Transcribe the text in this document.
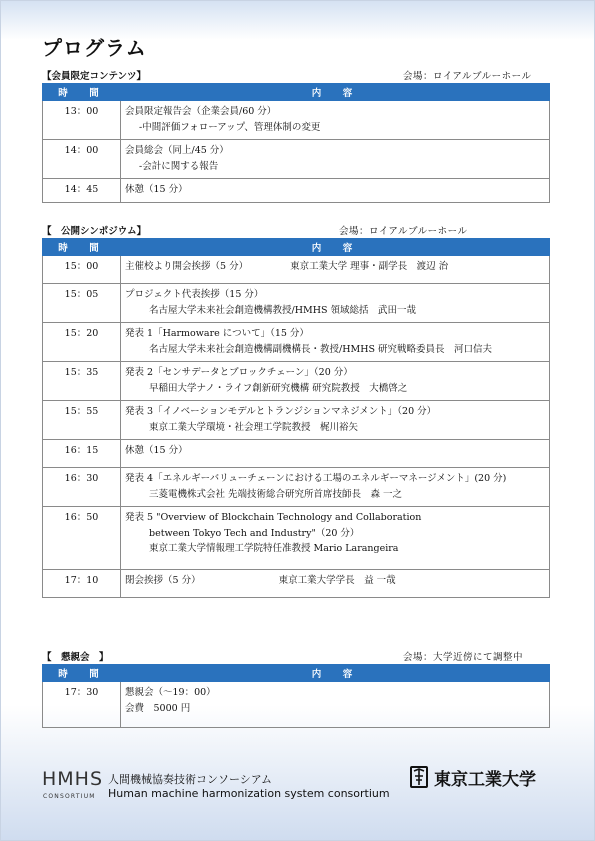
プログラム
【会員限定コンテンツ】	会場：ロイアルブルーホール
時　間	内　容
13：00	会員限定報告会（企業会員/60 分）
-中間評価フォローアップ、管理体制の変更

14：00	会員総会（同上/45 分）
-会計に関する報告

14：45	休憩（15 分）
【　公開シンポジウム】	会場：ロイアルブルーホール
時　間	内　容
15：00	主催校より開会挨拶（5 分） 東京工業大学 理事・副学長　渡辺 治

15：05	プロジェクト代表挨拶（15 分）
名古屋大学未来社会創造機構教授/HMHS 領域総括　武田一哉

15：20	発表 1「Harmoware について」（15 分）
名古屋大学未来社会創造機構副機構長・教授/HMHS 研究戦略委員長　河口信夫

15：35	発表 2「センサデータとブロックチェーン」（20 分）
早稲田大学ナノ・ライフ創新研究機構 研究院教授　大橋啓之

15：55	発表 3「イノベーションモデルとトランジションマネジメント」（20 分）
東京工業大学環境・社会理工学院教授　梶川裕矢

16：15	休憩（15 分）

16：30	発表 4「エネルギーバリューチェーンにおける工場のエネルギーマネージメント」(20 分)
三菱電機株式会社 先端技術総合研究所首席技師長　森 一之

16：50	発表 5 "Overview of Blockchain Technology and Collaboration
between Tokyo Tech and Industry"（20 分）
東京工業大学情報理工学院特任准教授 Mario Larangeira

17：10	閉会挨拶（5 分） 東京工業大学学長　益 一哉
【　懇親会　】	会場：大学近傍にて調整中
時　間	内　容
17：30	懇親会（～19：00）
会費　5000 円
HMHS
CONSORTIUM
人間機械協奏技術コンソーシアム
Human machine harmonization system consortium
東京工業大学
